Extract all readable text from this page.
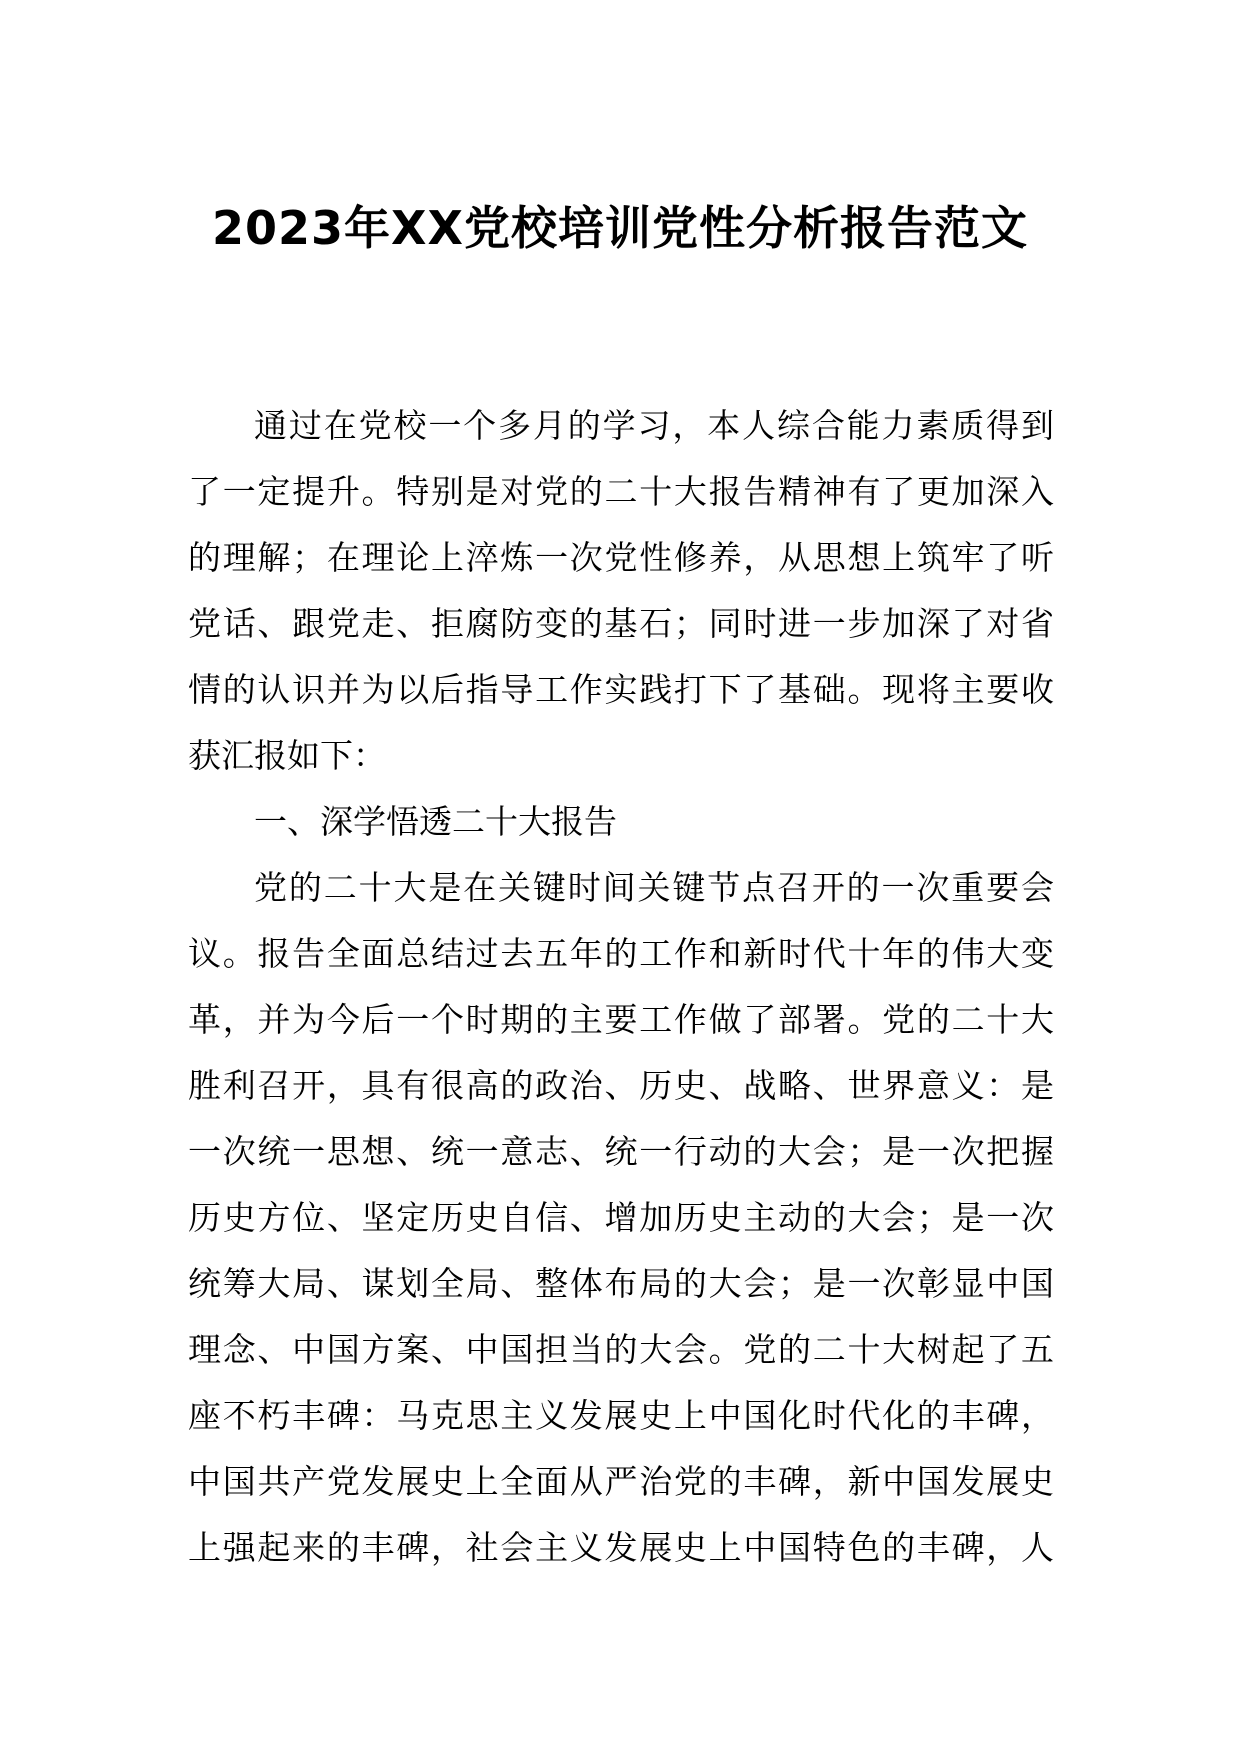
2023年XX党校培训党性分析报告范文
通过在党校一个多月的学习，本人综合能力素质得到
了一定提升。特别是对党的二十大报告精神有了更加深入
的理解；在理论上淬炼一次党性修养，从思想上筑牢了听
党话、跟党走、拒腐防变的基石；同时进一步加深了对省
情的认识并为以后指导工作实践打下了基础。现将主要收
获汇报如下：
一、深学悟透二十大报告
党的二十大是在关键时间关键节点召开的一次重要会
议。报告全面总结过去五年的工作和新时代十年的伟大变
革，并为今后一个时期的主要工作做了部署。党的二十大
胜利召开，具有很高的政治、历史、战略、世界意义：是
一次统一思想、统一意志、统一行动的大会；是一次把握
历史方位、坚定历史自信、增加历史主动的大会；是一次
统筹大局、谋划全局、整体布局的大会；是一次彰显中国
理念、中国方案、中国担当的大会。党的二十大树起了五
座不朽丰碑：马克思主义发展史上中国化时代化的丰碑，
中国共产党发展史上全面从严治党的丰碑，新中国发展史
上强起来的丰碑，社会主义发展史上中国特色的丰碑，人
